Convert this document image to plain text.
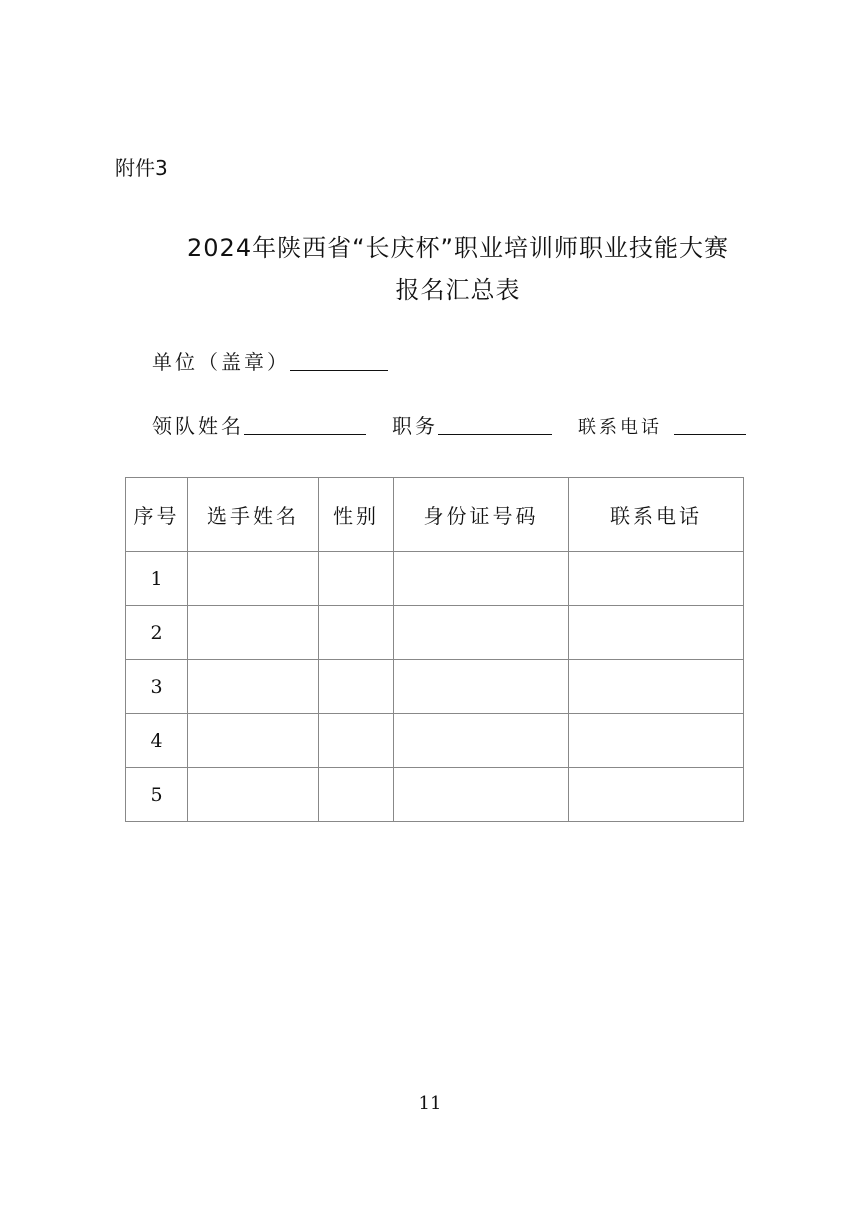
附件3
2024年陕西省“长庆杯”职业培训师职业技能大赛
报名汇总表
单位（盖章）
领队姓名	职务	联系电话
序号	选手姓名	性别	身份证号码	联系电话
1				
2				
3				
4				
5				
11
